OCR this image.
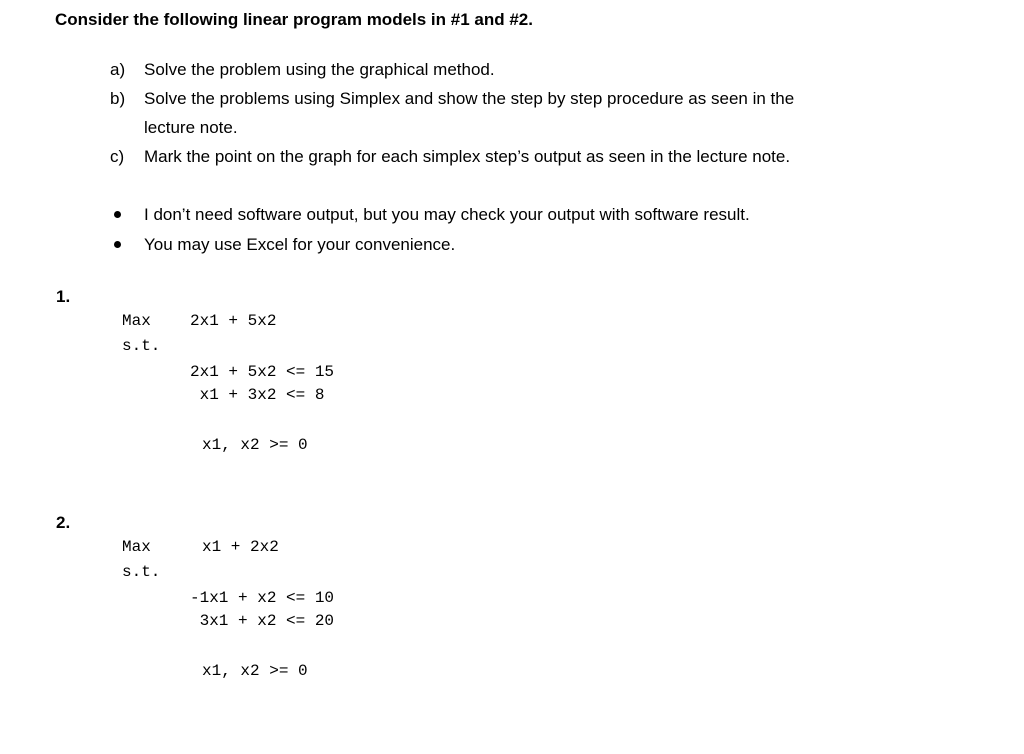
Consider the following linear program models in #1 and #2.
a) Solve the problem using the graphical method.
b) Solve the problems using Simplex and show the step by step procedure as seen in the
lecture note.
c) Mark the point on the graph for each simplex step’s output as seen in the lecture note.
I don’t need software output, but you may check your output with software result.
You may use Excel for your convenience.
1.
Max 2x1 + 5x2
s.t.
2x1 + 5x2 <= 15
x1 + 3x2 <= 8
x1, x2 >= 0
2.
Max	x1 + 2x2
s.t.
-1x1 + x2 <= 10
3x1 + x2 <= 20
x1, x2 >= 0
